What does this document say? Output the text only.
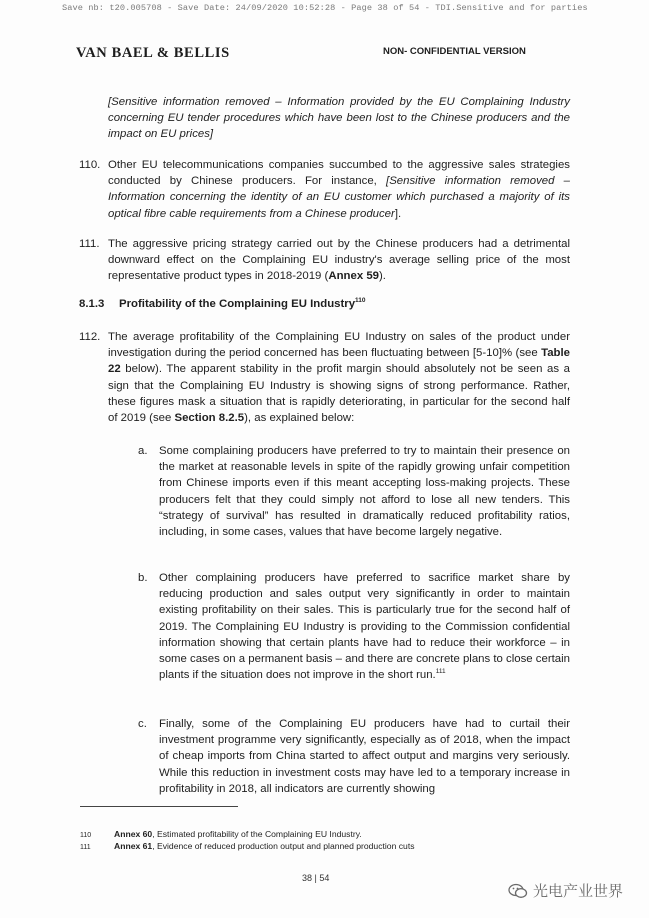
Save nb: t20.005708 - Save Date: 24/09/2020 10:52:28 - Page 38 of 54 - TDI.Sensitive and for parties
VAN BAEL & BELLIS	NON- CONFIDENTIAL VERSION

[Sensitive information removed – Information provided by the EU Complaining Industry concerning EU tender procedures which have been lost to the Chinese producers and the impact on EU prices]

110. Other EU telecommunications companies succumbed to the aggressive sales strategies conducted by Chinese producers. For instance, [Sensitive information removed – Information concerning the identity of an EU customer which purchased a majority of its optical fibre cable requirements from a Chinese producer].

111. The aggressive pricing strategy carried out by the Chinese producers had a detrimental downward effect on the Complaining EU industry's average selling price of the most representative product types in 2018-2019 (Annex 59).

8.1.3 Profitability of the Complaining EU Industry$^{110}$
112. The average profitability of the Complaining EU Industry on sales of the product under investigation during the period concerned has been fluctuating between [5-10]% (see Table 22 below). The apparent stability in the profit margin should absolutely not be seen as a sign that the Complaining EU Industry is showing signs of strong performance. Rather, these figures mask a situation that is rapidly deteriorating, in particular for the second half of 2019 (see Section 8.2.5), as explained below:

a. Some complaining producers have preferred to try to maintain their presence on the market at reasonable levels in spite of the rapidly growing unfair competition from Chinese imports even if this meant accepting loss-making projects. These producers felt that they could simply not afford to lose all new tenders. This “strategy of survival” has resulted in dramatically reduced profitability ratios, including, in some cases, values that have become largely negative.

b. Other complaining producers have preferred to sacrifice market share by reducing production and sales output very significantly in order to maintain existing profitability on their sales. This is particularly true for the second half of 2019. The Complaining EU Industry is providing to the Commission confidential information showing that certain plants have had to reduce their workforce – in some cases on a permanent basis – and there are concrete plans to close certain plants if the situation does not improve in the short run.$^{111}$

c. Finally, some of the Complaining EU producers have had to curtail their investment programme very significantly, especially as of 2018, when the impact of cheap imports from China started to affect output and margins very seriously. While this reduction in investment costs may have led to a temporary increase in profitability in 2018, all indicators are currently showing

110	Annex 60, Estimated profitability of the Complaining EU Industry.
111	Annex 61, Evidence of reduced production output and planned production cuts
38 | 54
光电产业世界
